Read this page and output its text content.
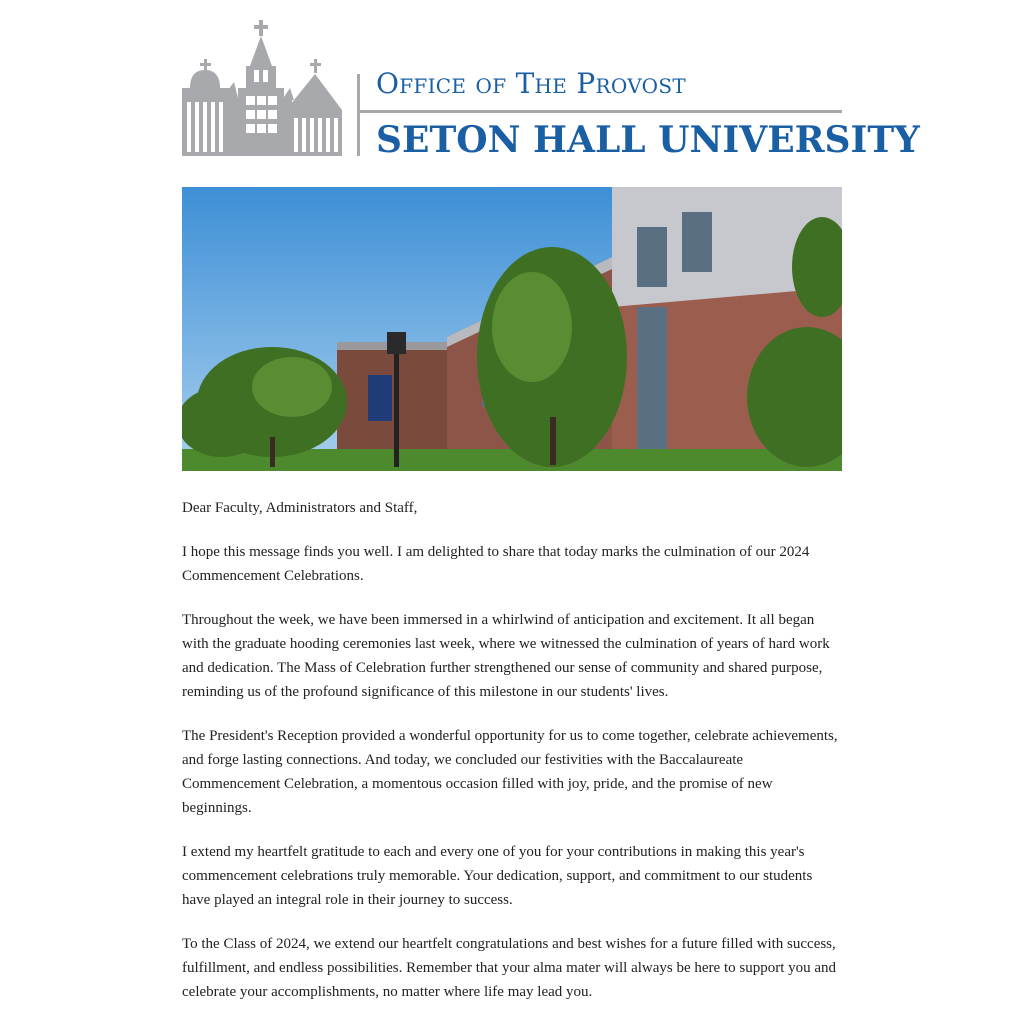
Office of The Provost
SETON HALL UNIVERSITY

Dear Faculty, Administrators and Staff,

I hope this message finds you well. I am delighted to share that today marks the culmination of our 2024 Commencement Celebrations.

Throughout the week, we have been immersed in a whirlwind of anticipation and excitement. It all began with the graduate hooding ceremonies last week, where we witnessed the culmination of years of hard work and dedication. The Mass of Celebration further strengthened our sense of community and shared purpose, reminding us of the profound significance of this milestone in our students' lives.

The President's Reception provided a wonderful opportunity for us to come together, celebrate achievements, and forge lasting connections. And today, we concluded our festivities with the Baccalaureate Commencement Celebration, a momentous occasion filled with joy, pride, and the promise of new beginnings.

I extend my heartfelt gratitude to each and every one of you for your contributions in making this year's commencement celebrations truly memorable. Your dedication, support, and commitment to our students have played an integral role in their journey to success.

To the Class of 2024, we extend our heartfelt congratulations and best wishes for a future filled with success, fulfillment, and endless possibilities. Remember that your alma mater will always be here to support you and celebrate your accomplishments, no matter where life may lead you.
